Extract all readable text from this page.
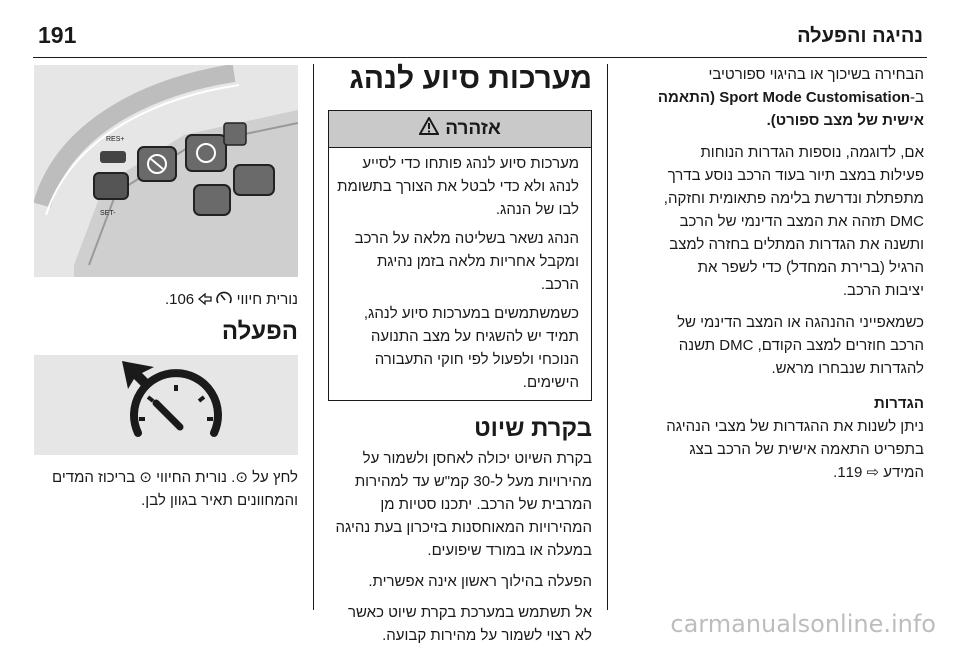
191	נהיגה והפעלה

הבחירה בשיכוך או בהיגוי ספורטיבי

ב-Sport Mode Customisation (התאמה

אישית של מצב ספורט).

אם, לדוגמה, נוספות הגדרות הנוחות

פעילות במצב תיור בעוד הרכב נוסע בדרך

מתפתלת ונדרשת בלימה פתאומית וחזקה,

DMC תזהה את המצב הדינמי של הרכב

ותשנה את הגדרות המתלים בחזרה למצב

הרגיל (ברירת המחדל) כדי לשפר את

יציבות הרכב.

כשמאפייני ההנהגה או המצב הדינמי של

הרכב חוזרים למצב הקודם, DMC תשנה

להגדרות שנבחרו מראש.

הגדרות

ניתן לשנות את ההגדרות של מצבי הנהיגה

בתפריט התאמה אישית של הרכב בצג

המידע ⇨ 119.

מערכות סיוע לנהג
אזהרה

מערכות סיוע לנהג פותחו כדי לסייע

לנהג ולא כדי לבטל את הצורך בתשומת

לבו של הנהג.

הנהג נשאר בשליטה מלאה על הרכב

ומקבל אחריות מלאה בזמן נהיגת

הרכב.

כשמשתמשים במערכות סיוע לנהג,

תמיד יש להשגיח על מצב התנועה

הנוכחי ולפעול לפי חוקי התעבורה

הישימים.

בקרת שיוט

בקרת השיוט יכולה לאחסן ולשמור על

מהירויות מעל ל-30 קמ"ש עד למהירות

המרבית של הרכב. יתכנו סטיות מן

המהירויות המאוחסנות בזיכרון בעת נהיגה

במעלה או במורד שיפועים.

הפעלה בהילוך ראשון אינה אפשרית.

אל תשתמש במערכת בקרת שיוט כאשר

לא רצוי לשמור על מהירות קבועה.

RES+
SET-
נורית חיווי   106.
הפעלה

לחץ על ⊙. נורית החיווי ⊙ בריכוז המדים

והמחוונים תאיר בגוון לבן.

carmanualsonline.info
